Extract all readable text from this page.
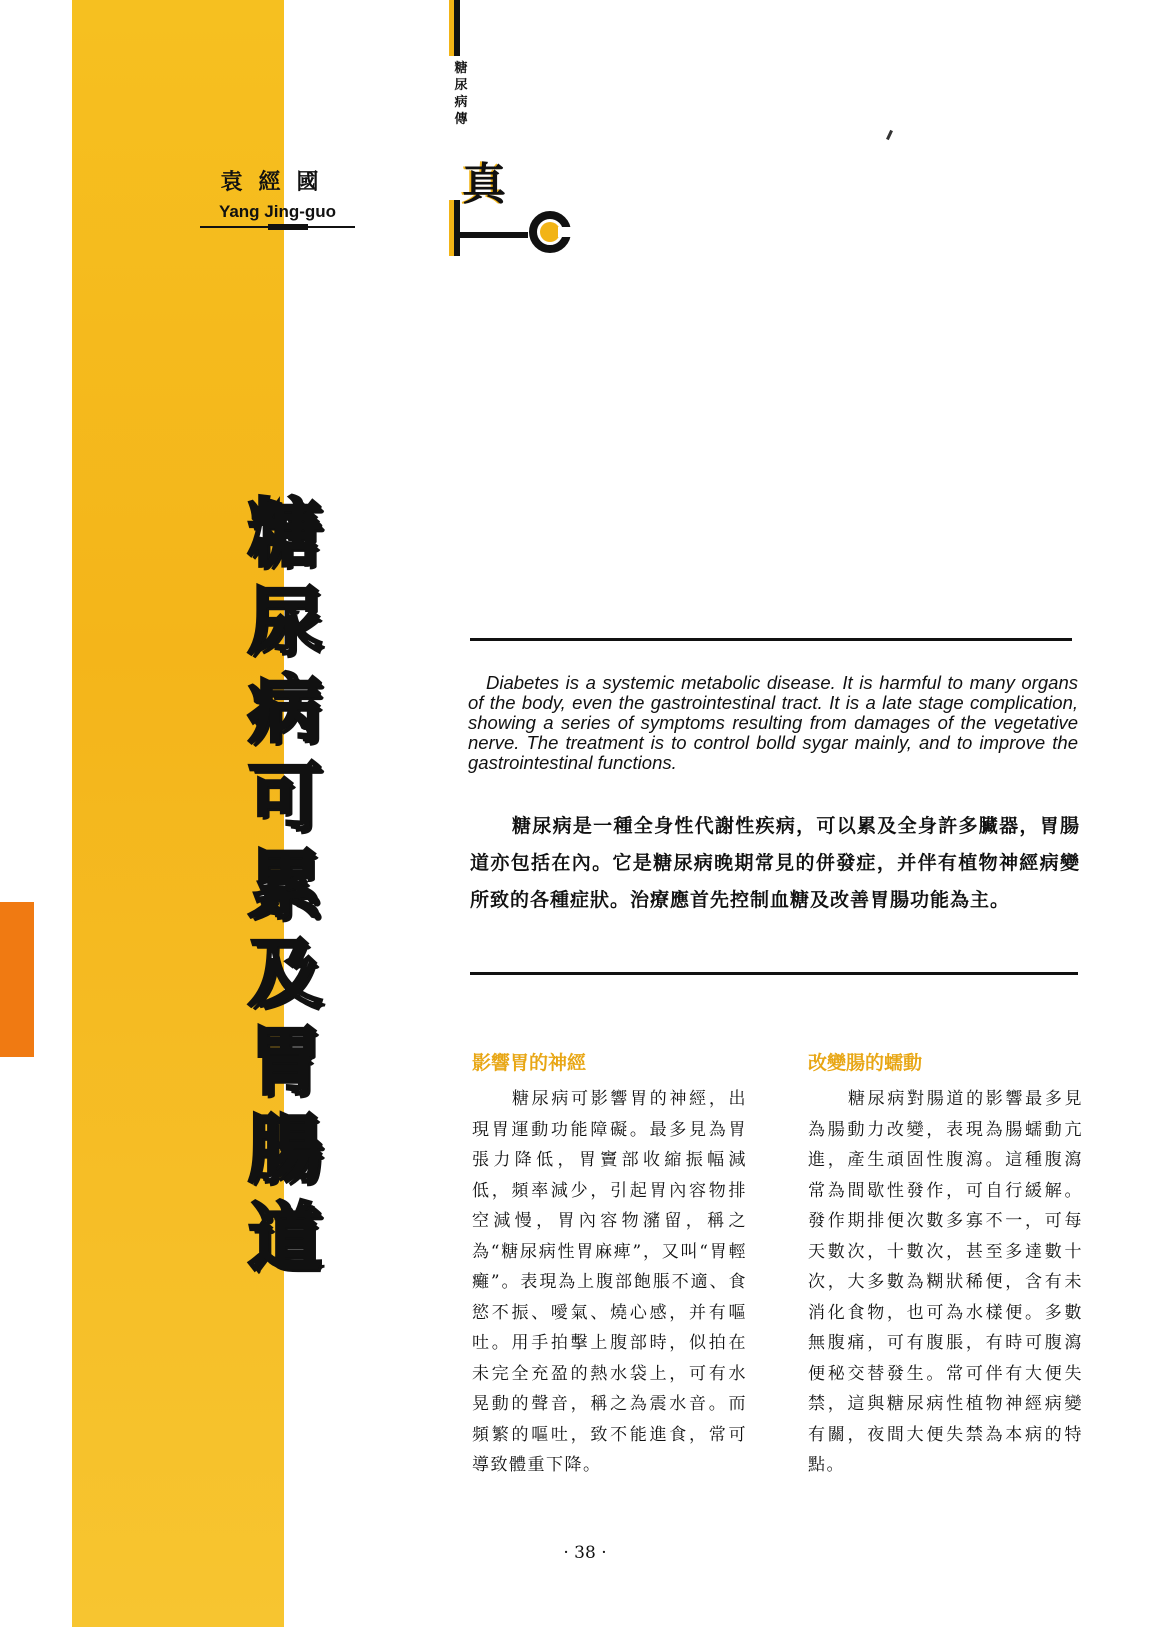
袁經國
Yang Jing-guo
糖
尿
病
傳
真
糖
尿
病
可
累
及
胃
腸
道
Diabetes is a systemic metabolic disease. It is harmful to many organs of the body, even the gastrointestinal tract. It is a late stage complication, showing a series of symptoms resulting from damages of the vegetative nerve. The treatment is to control bolld sygar mainly, and to improve the gastrointestinal functions.
糖尿病是一種全身性代謝性疾病，可以累及全身許多臟器，胃腸道亦包括在內。它是糖尿病晚期常見的併發症，并伴有植物神經病變所致的各種症狀。治療應首先控制血糖及改善胃腸功能為主。
影響胃的神經
糖尿病可影響胃的神經，出現胃運動功能障礙。最多見為胃張力降低，胃竇部收縮振幅減低，頻率減少，引起胃內容物排空減慢，胃內容物瀦留，稱之為“糖尿病性胃麻痺”，又叫“胃輕癱”。表現為上腹部飽脹不適、食慾不振、噯氣、燒心感，并有嘔吐。用手拍擊上腹部時，似拍在未完全充盈的熱水袋上，可有水晃動的聲音，稱之為震水音。而頻繁的嘔吐，致不能進食，常可導致體重下降。
改變腸的蠕動
糖尿病對腸道的影響最多見為腸動力改變，表現為腸蠕動亢進，產生頑固性腹瀉。這種腹瀉常為間歇性發作，可自行緩解。發作期排便次數多寡不一，可每天數次，十數次，甚至多達數十次，大多數為糊狀稀便，含有未消化食物，也可為水樣便。多數無腹痛，可有腹脹，有時可腹瀉便秘交替發生。常可伴有大便失禁，這與糖尿病性植物神經病變有關，夜間大便失禁為本病的特點。
· 38 ·
